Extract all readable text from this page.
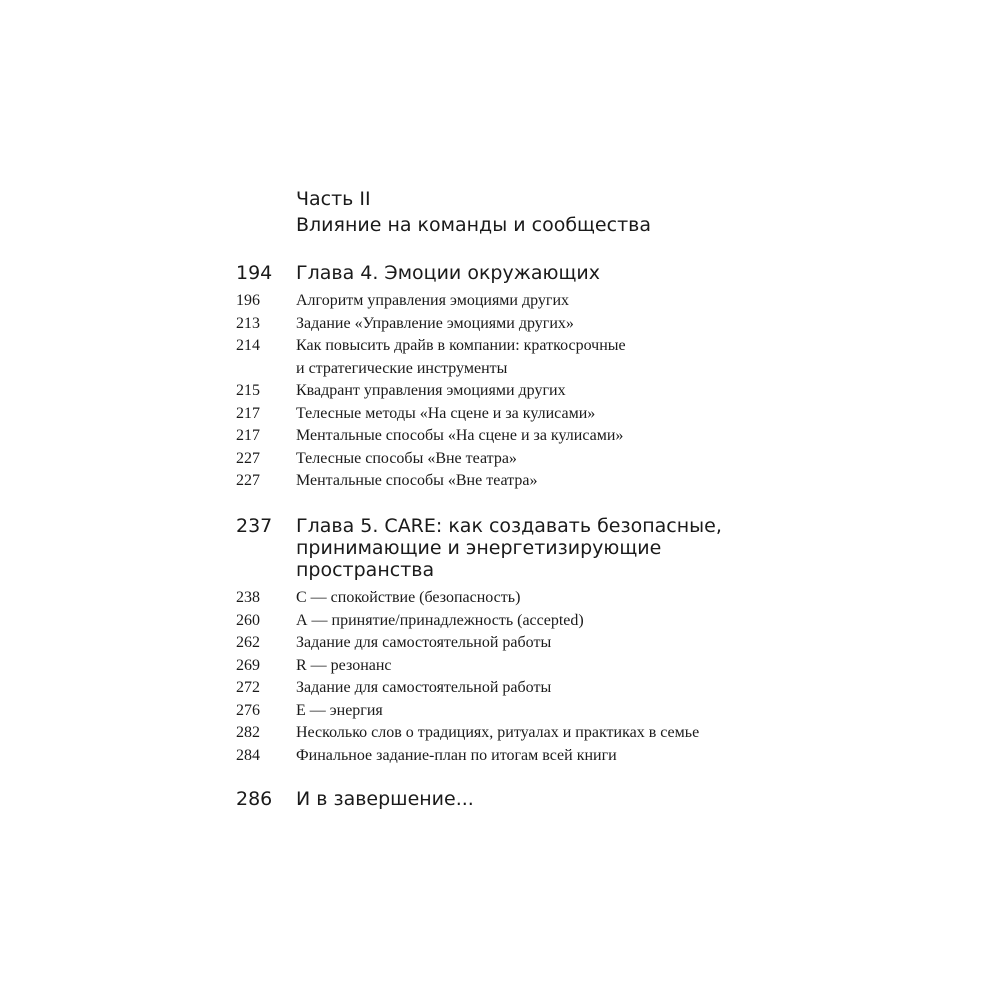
Часть II
Влияние на команды и сообщества
194	Глава 4. Эмоции окружающих
196	Алгоритм управления эмоциями других
213	Задание «Управление эмоциями других»
214	Как повысить драйв в компании: краткосрочные
и стратегические инструменты
215	Квадрант управления эмоциями других
217	Телесные методы «На сцене и за кулисами»
217	Ментальные способы «На сцене и за кулисами»
227	Телесные способы «Вне театра»
227	Ментальные способы «Вне театра»
237	Глава 5. CARE: как создавать безопасные,
принимающие и энергетизирующие
пространства
238	С — спокойствие (безопасность)
260	А — принятие/принадлежность (accepted)
262	Задание для самостоятельной работы
269	R — резонанс
272	Задание для самостоятельной работы
276	Е — энергия
282	Несколько слов о традициях, ритуалах и практиках в семье
284	Финальное задание-план по итогам всей книги
286	И в завершение...
